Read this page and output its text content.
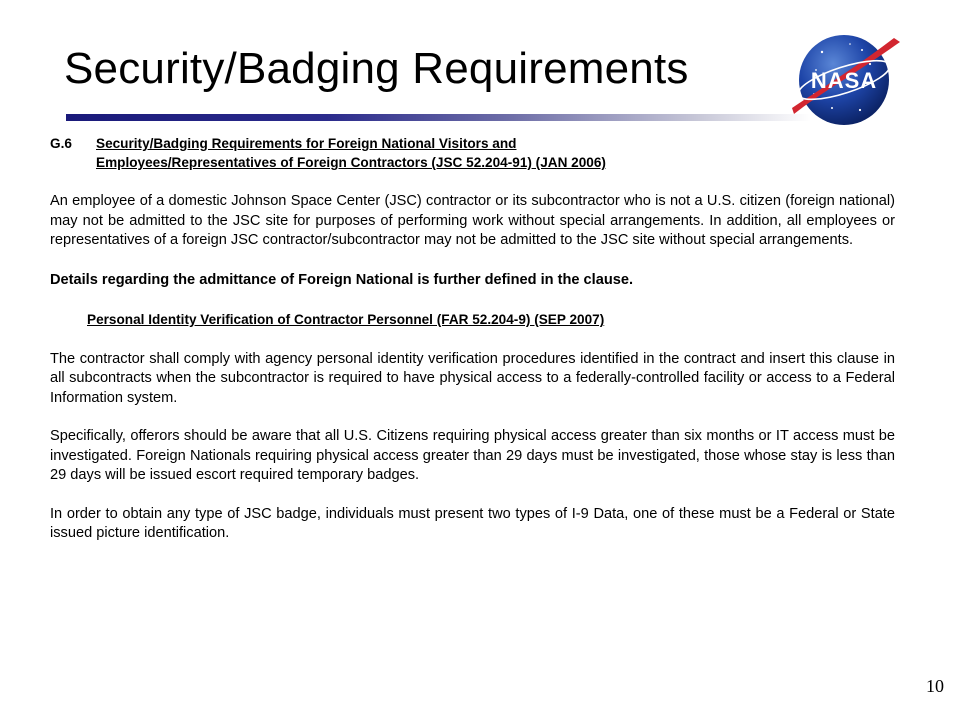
Security/Badging Requirements	NASA

G.6 Security/Badging Requirements for Foreign National Visitors and
Employees/Representatives of Foreign Contractors (JSC 52.204-91) (JAN 2006)

An employee of a domestic Johnson Space Center (JSC) contractor or its subcontractor who is not a U.S. citizen (foreign national) may not be admitted to the JSC site for purposes of performing work without special arrangements. In addition, all employees or representatives of a foreign JSC contractor/subcontractor may not be admitted to the JSC site without special arrangements.

Details regarding the admittance of Foreign National is further defined in the clause.

Personal Identity Verification of Contractor Personnel (FAR 52.204-9) (SEP 2007)

The contractor shall comply with agency personal identity verification procedures identified in the contract and insert this clause in all subcontracts when the subcontractor is required to have physical access to a federally-controlled facility or access to a Federal Information system.

Specifically, offerors should be aware that all U.S. Citizens requiring physical access greater than six months or IT access must be investigated. Foreign Nationals requiring physical access greater than 29 days must be investigated, those whose stay is less than 29 days will be issued escort required temporary badges.

In order to obtain any type of JSC badge, individuals must present two types of I-9 Data, one of these must be a Federal or State issued picture identification.

10
